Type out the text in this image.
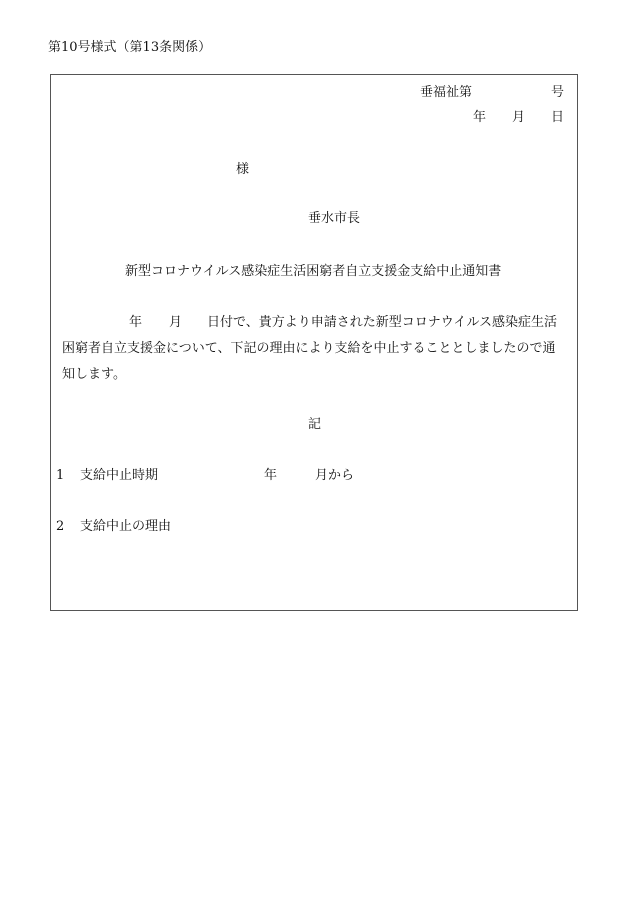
第10号様式（第13条関係）
垂福祉第	号
年 月 日
様
垂水市長
新型コロナウイルス感染症生活困窮者自立支援金支給中止通知書
年 月 日付で、貴方より申請された新型コロナウイルス感染症生活
困窮者自立支援金について、下記の理由により支給を中止することとしましたので通
知します。
記
1 支給中止時期	年	月から
2 支給中止の理由
